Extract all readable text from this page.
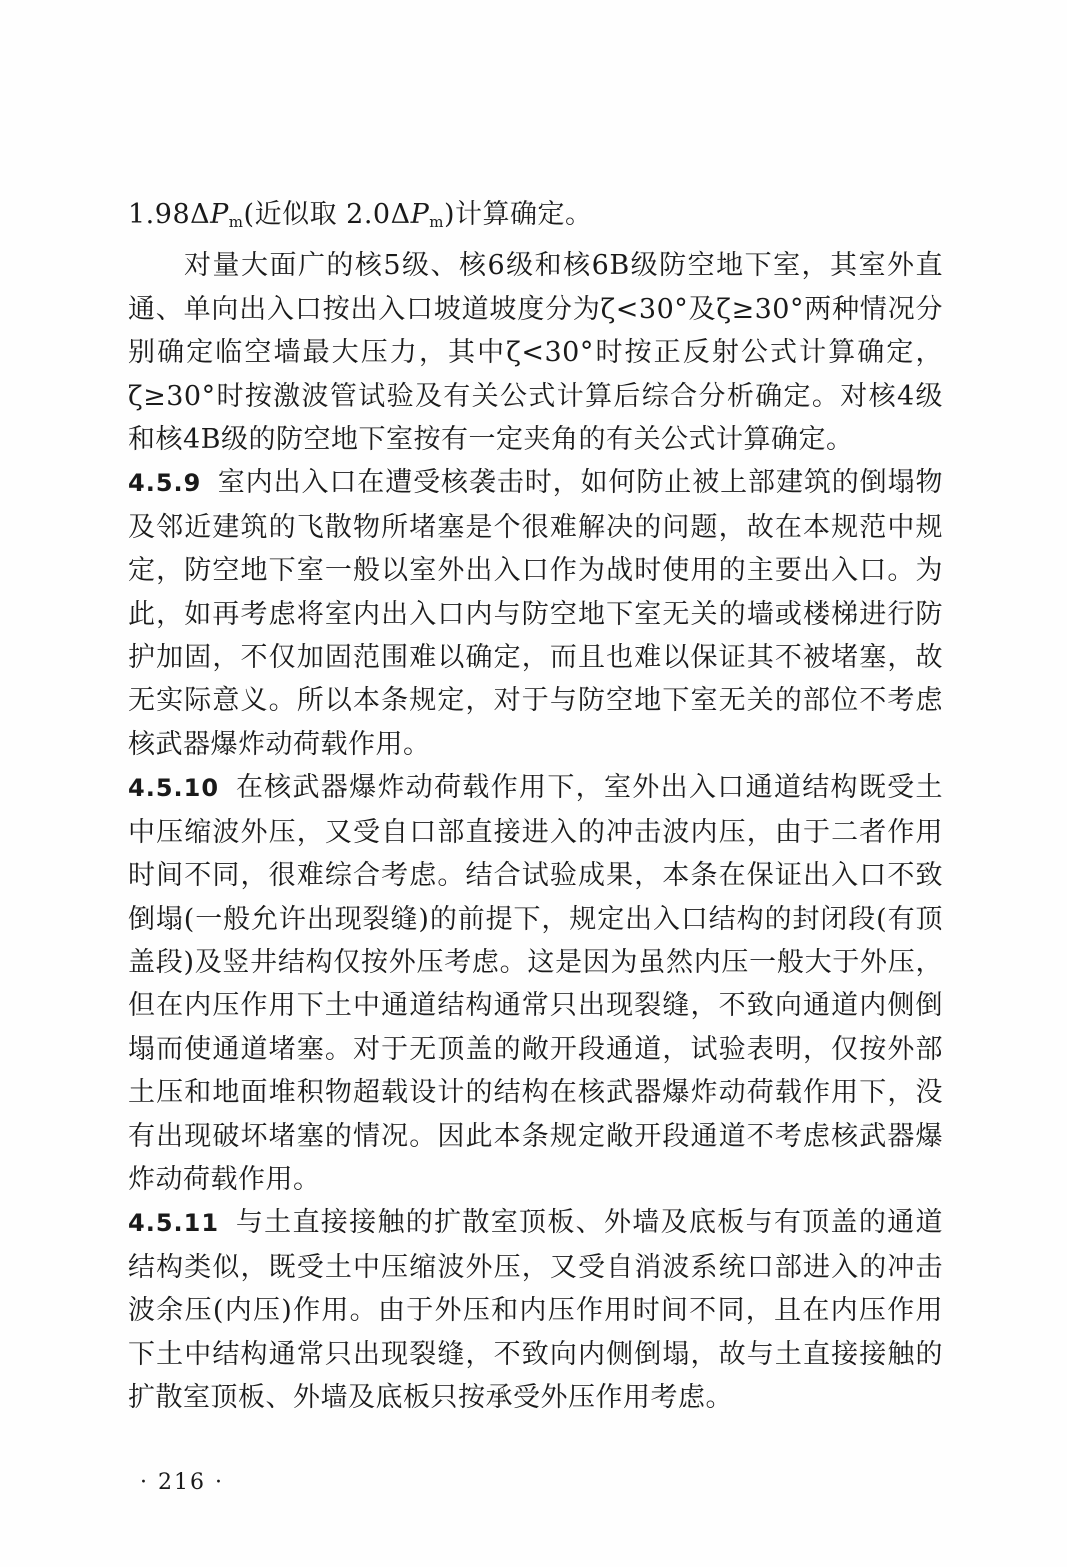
$1.98\Delta P_m$(近似取 $2.0\Delta P_m$)计算确定。

对量大面广的核5级、核6级和核6B级防空地下室，其室外直通、单向出入口按出入口坡道坡度分为ζ<30°及ζ≥30°两种情况分别确定临空墙最大压力，其中ζ<30°时按正反射公式计算确定，ζ≥30°时按激波管试验及有关公式计算后综合分析确定。对核4级和核4B级的防空地下室按有一定夹角的有关公式计算确定。

4.5.9 室内出入口在遭受核袭击时，如何防止被上部建筑的倒塌物及邻近建筑的飞散物所堵塞是个很难解决的问题，故在本规范中规定，防空地下室一般以室外出入口作为战时使用的主要出入口。为此，如再考虑将室内出入口内与防空地下室无关的墙或楼梯进行防护加固，不仅加固范围难以确定，而且也难以保证其不被堵塞，故无实际意义。所以本条规定，对于与防空地下室无关的部位不考虑核武器爆炸动荷载作用。

4.5.10 在核武器爆炸动荷载作用下，室外出入口通道结构既受土中压缩波外压，又受自口部直接进入的冲击波内压，由于二者作用时间不同，很难综合考虑。结合试验成果，本条在保证出入口不致倒塌(一般允许出现裂缝)的前提下，规定出入口结构的封闭段(有顶盖段)及竖井结构仅按外压考虑。这是因为虽然内压一般大于外压，但在内压作用下土中通道结构通常只出现裂缝，不致向通道内侧倒塌而使通道堵塞。对于无顶盖的敞开段通道，试验表明，仅按外部土压和地面堆积物超载设计的结构在核武器爆炸动荷载作用下，没有出现破坏堵塞的情况。因此本条规定敞开段通道不考虑核武器爆炸动荷载作用。

4.5.11 与土直接接触的扩散室顶板、外墙及底板与有顶盖的通道结构类似，既受土中压缩波外压，又受自消波系统口部进入的冲击波余压(内压)作用。由于外压和内压作用时间不同，且在内压作用下土中结构通常只出现裂缝，不致向内侧倒塌，故与土直接接触的扩散室顶板、外墙及底板只按承受外压作用考虑。

· 216 ·
